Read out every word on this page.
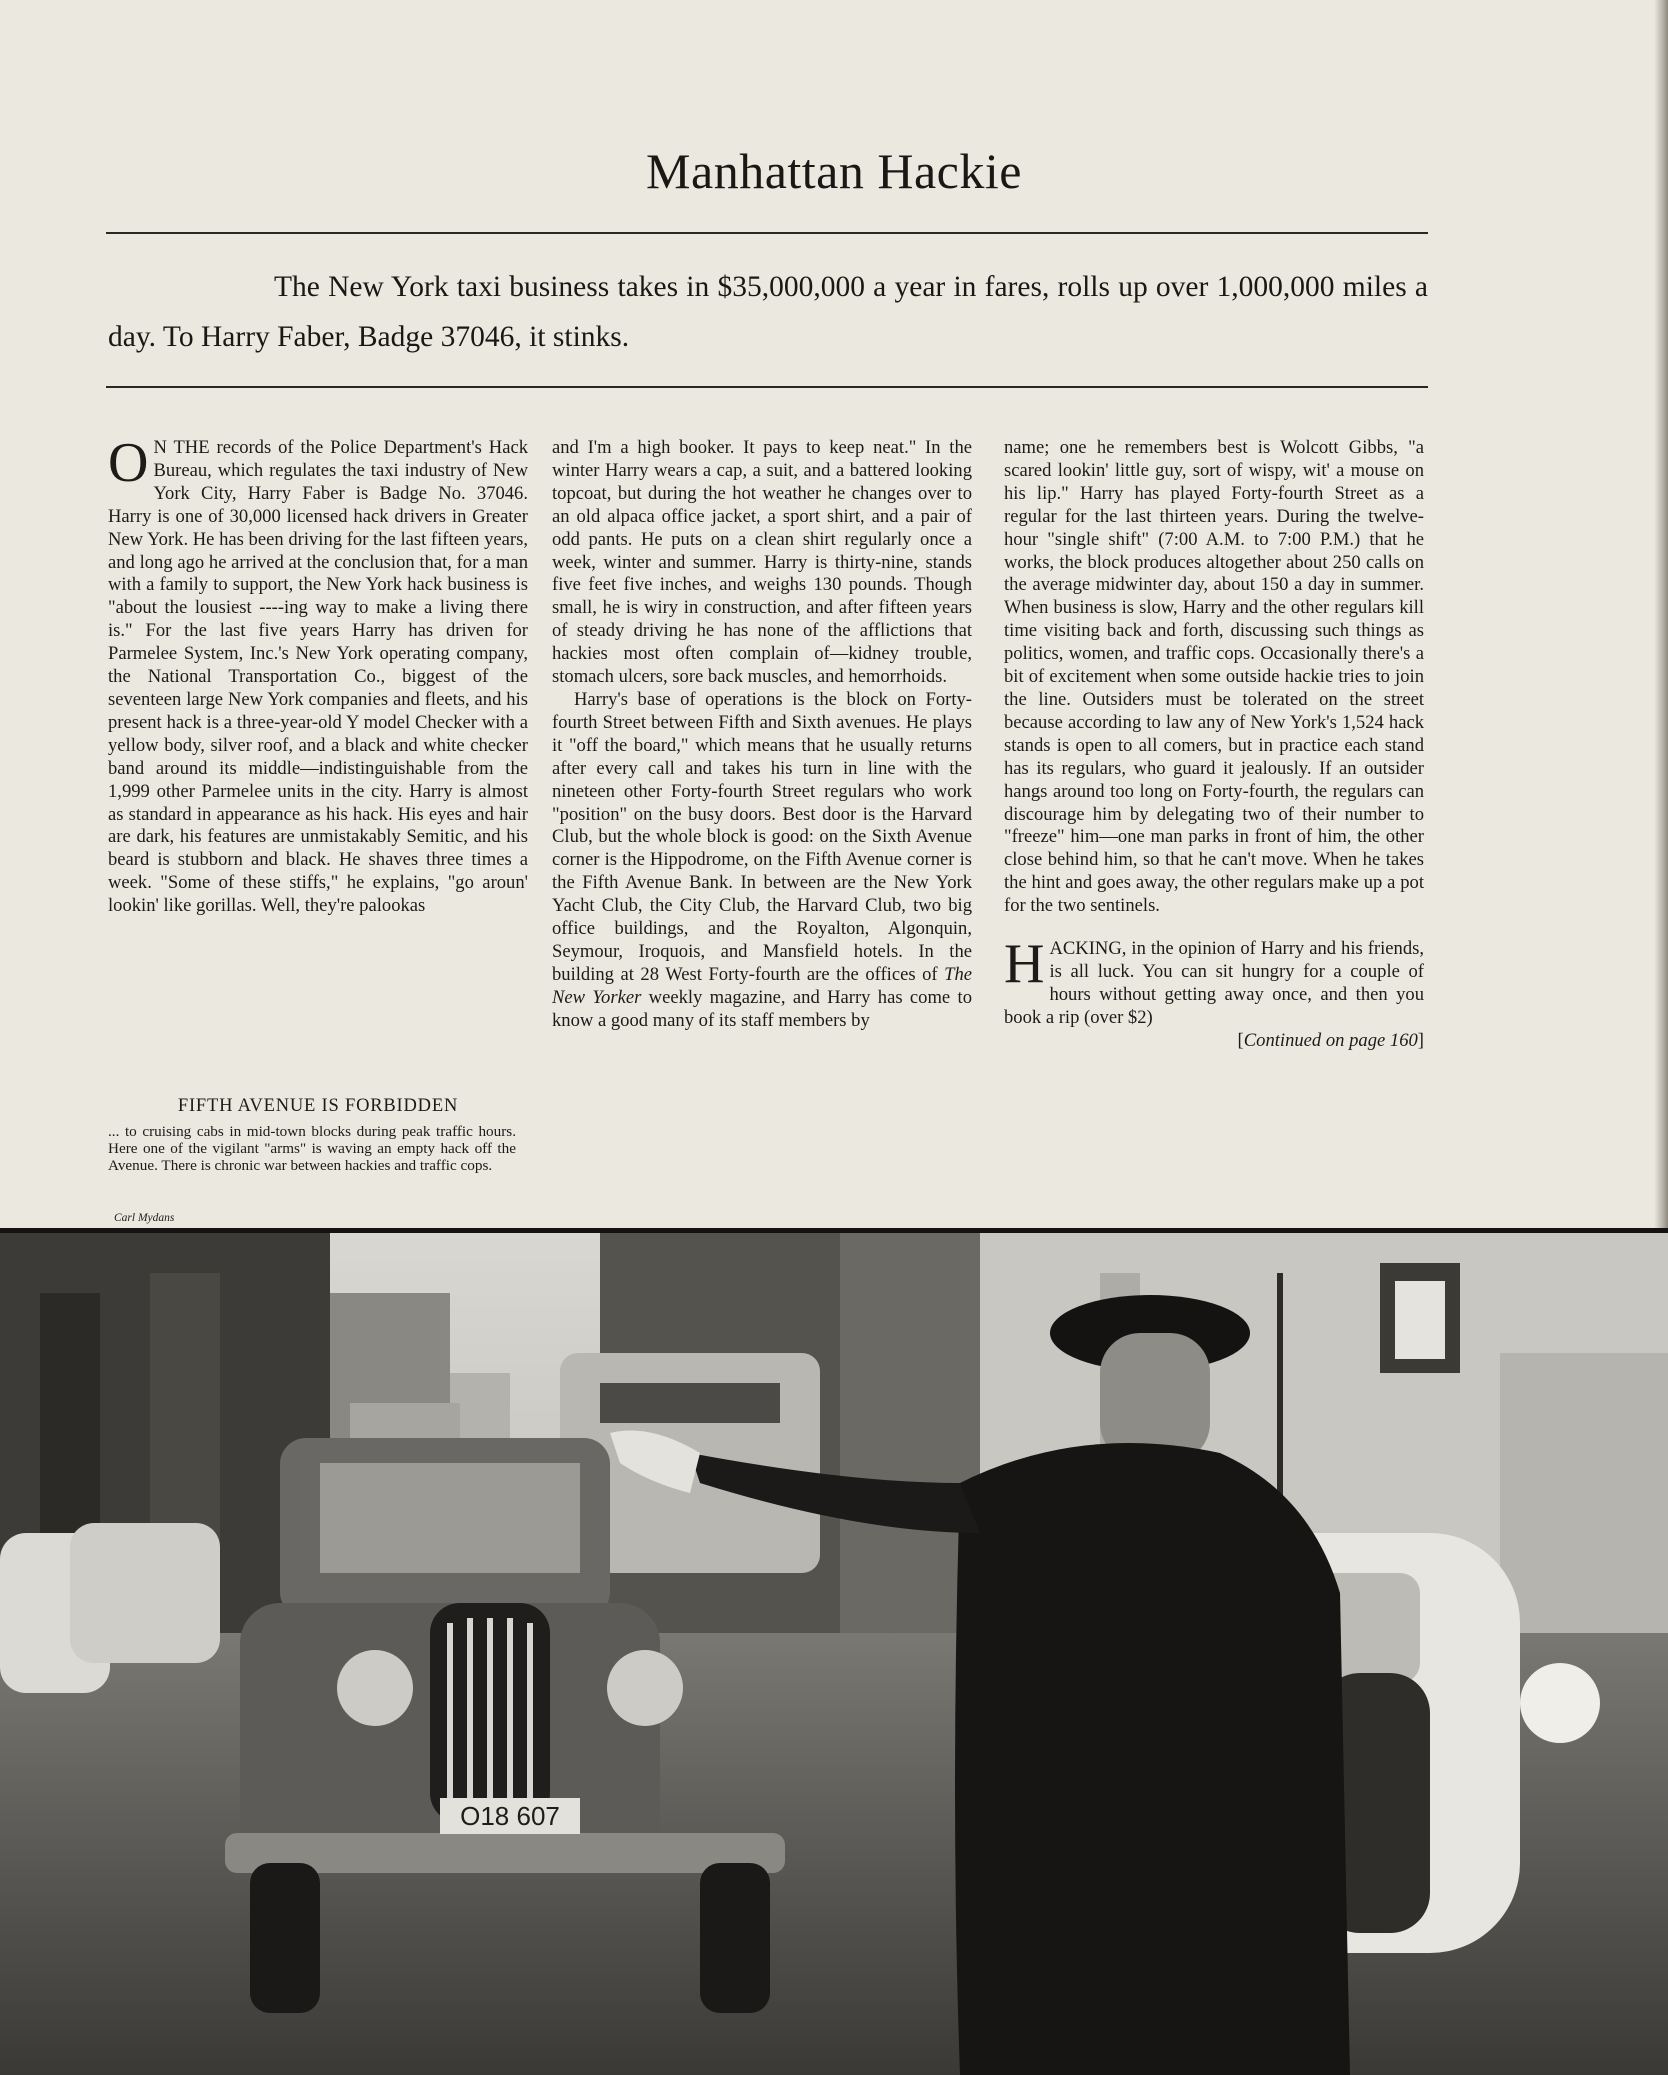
Manhattan Hackie

The New York taxi business takes in $35,000,000 a year in fares, rolls up over 1,000,000 miles a day. To Harry Faber, Badge 37046, it stinks.

O N THE records of the Police Department's Hack Bureau, which regulates the taxi industry of New York City, Harry Faber is Badge No. 37046. Harry is one of 30,000 licensed hack drivers in Greater New York. He has been driving for the last fifteen years, and long ago he arrived at the conclusion that, for a man with a family to support, the New York hack business is "about the lousiest ----ing way to make a living there is." For the last five years Harry has driven for Parmelee System, Inc.'s New York operating company, the National Transportation Co., biggest of the seventeen large New York companies and fleets, and his present hack is a three-year-old Y model Checker with a yellow body, silver roof, and a black and white checker band around its middle—indistinguishable from the 1,999 other Parmelee units in the city. Harry is almost as standard in appearance as his hack. His eyes and hair are dark, his features are unmistakably Semitic, and his beard is stubborn and black. He shaves three times a week. "Some of these stiffs," he explains, "go aroun' lookin' like gorillas. Well, they're palookas

FIFTH AVENUE IS FORBIDDEN

... to cruising cabs in mid-town blocks during peak traffic hours. Here one of the vigilant "arms" is waving an empty hack off the Avenue. There is chronic war between hackies and traffic cops.

Carl Mydans

and I'm a high booker. It pays to keep neat." In the winter Harry wears a cap, a suit, and a battered looking topcoat, but during the hot weather he changes over to an old alpaca office jacket, a sport shirt, and a pair of odd pants. He puts on a clean shirt regularly once a week, winter and summer. Harry is thirty-nine, stands five feet five inches, and weighs 130 pounds. Though small, he is wiry in construction, and after fifteen years of steady driving he has none of the afflictions that hackies most often complain of—kidney trouble, stomach ulcers, sore back muscles, and hemorrhoids.

Harry's base of operations is the block on Forty-fourth Street between Fifth and Sixth avenues. He plays it "off the board," which means that he usually returns after every call and takes his turn in line with the nineteen other Forty-fourth Street regulars who work "position" on the busy doors. Best door is the Harvard Club, but the whole block is good: on the Sixth Avenue corner is the Hippodrome, on the Fifth Avenue corner is the Fifth Avenue Bank. In between are the New York Yacht Club, the City Club, the Harvard Club, two big office buildings, and the Royalton, Algonquin, Seymour, Iroquois, and Mansfield hotels. In the building at 28 West Forty-fourth are the offices of The New Yorker weekly magazine, and Harry has come to know a good many of its staff members by

name; one he remembers best is Wolcott Gibbs, "a scared lookin' little guy, sort of wispy, wit' a mouse on his lip." Harry has played Forty-fourth Street as a regular for the last thirteen years. During the twelve-hour "single shift" (7:00 A.M. to 7:00 P.M.) that he works, the block produces altogether about 250 calls on the average midwinter day, about 150 a day in summer. When business is slow, Harry and the other regulars kill time visiting back and forth, discussing such things as politics, women, and traffic cops. Occasionally there's a bit of excitement when some outside hackie tries to join the line. Outsiders must be tolerated on the street because according to law any of New York's 1,524 hack stands is open to all comers, but in practice each stand has its regulars, who guard it jealously. If an outsider hangs around too long on Forty-fourth, the regulars can discourage him by delegating two of their number to "freeze" him—one man parks in front of him, the other close behind him, so that he can't move. When he takes the hint and goes away, the other regulars make up a pot for the two sentinels.

HACKING, in the opinion of Harry and his friends, is all luck. You can sit hungry for a couple of hours without getting away once, and then you book a rip (over $2)

[Continued on page 160]

O18 607
